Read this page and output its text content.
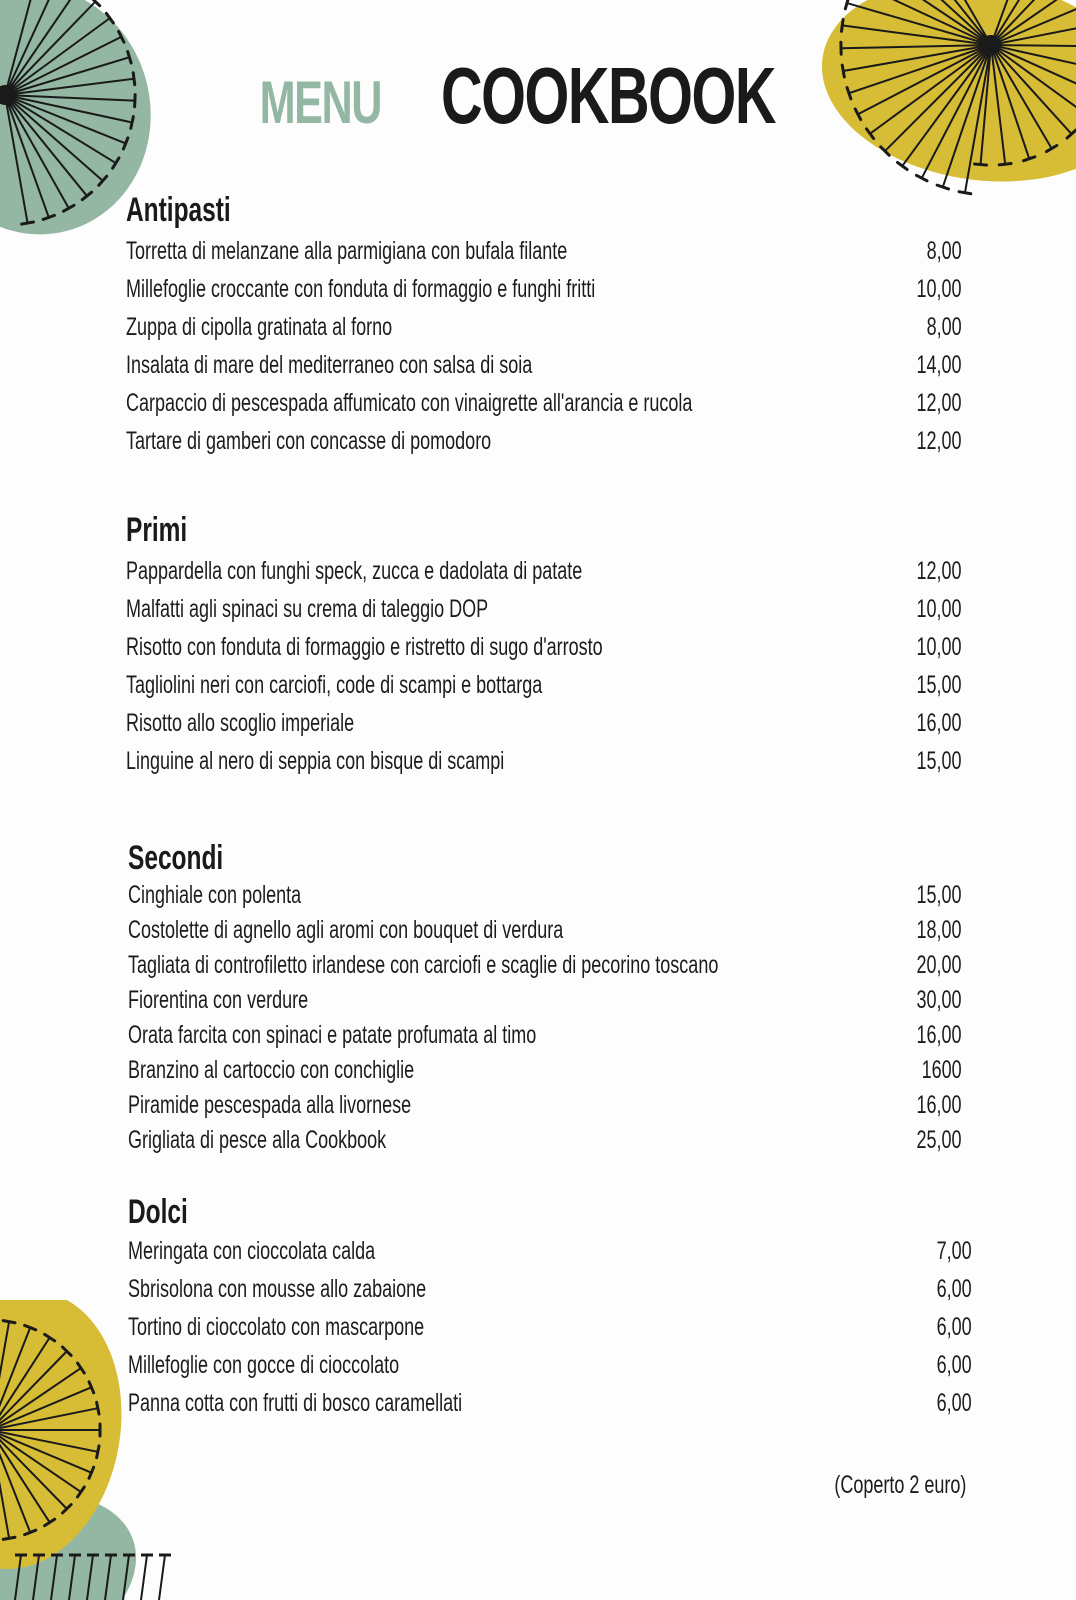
MENU COOKBOOK
Antipasti
Torretta di melanzane alla parmigiana con bufala filante	8,00
Millefoglie croccante con fonduta di formaggio e funghi fritti	10,00
Zuppa di cipolla gratinata al forno	8,00
Insalata di mare del mediterraneo con salsa di soia	14,00
Carpaccio di pescespada affumicato con vinaigrette all'arancia e rucola	12,00
Tartare di gamberi con concasse di pomodoro	12,00
Primi
Pappardella con funghi speck, zucca e dadolata di patate	12,00
Malfatti agli spinaci su crema di taleggio DOP	10,00
Risotto con fonduta di formaggio e ristretto di sugo d'arrosto	10,00
Tagliolini neri con carciofi, code di scampi e bottarga	15,00
Risotto allo scoglio imperiale	16,00
Linguine al nero di seppia con bisque di scampi	15,00
Secondi
Cinghiale con polenta	15,00
Costolette di agnello agli aromi con bouquet di verdura	18,00
Tagliata di controfiletto irlandese con carciofi e scaglie di pecorino toscano	20,00
Fiorentina con verdure	30,00
Orata farcita con spinaci e patate profumata al timo	16,00
Branzino al cartoccio con conchiglie	1600
Piramide pescespada alla livornese	16,00
Grigliata di pesce alla Cookbook	25,00
Dolci
Meringata con cioccolata calda	7,00
Sbrisolona con mousse allo zabaione	6,00
Tortino di cioccolato con mascarpone	6,00
Millefoglie con gocce di cioccolato	6,00
Panna cotta con frutti di bosco caramellati	6,00
(Coperto 2 euro)
